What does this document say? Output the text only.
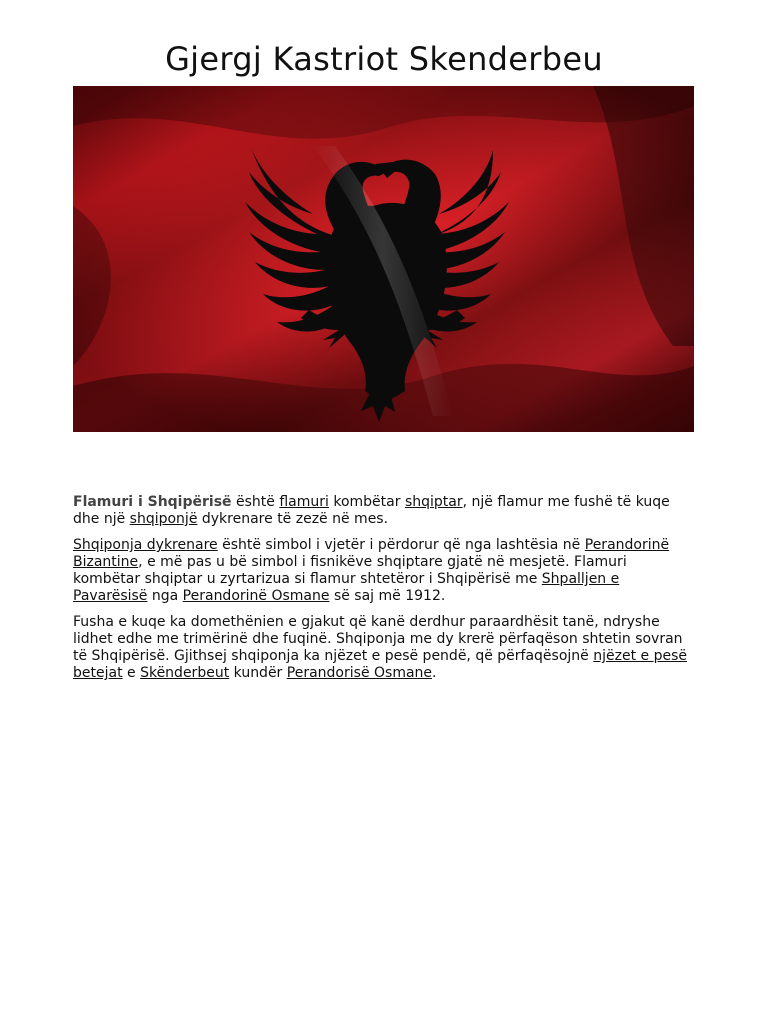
Gjergj Kastriot Skenderbeu

Flamuri i Shqipërisë është flamuri kombëtar shqiptar, një flamur me fushë të kuqe dhe një shqiponjë dykrenare të zezë në mes.

Shqiponja dykrenare është simbol i vjetër i përdorur që nga lashtësia në Perandorinë Bizantine, e më pas u bë simbol i fisnikëve shqiptare gjatë në mesjetë. Flamuri kombëtar shqiptar u zyrtarizua si flamur shtetëror i Shqipërisë me Shpalljen e Pavarësisë nga Perandorinë Osmane së saj më 1912.

Fusha e kuqe ka domethënien e gjakut që kanë derdhur paraardhësit tanë, ndryshe lidhet edhe me trimërinë dhe fuqinë. Shqiponja me dy krerë përfaqëson shtetin sovran të Shqipërisë. Gjithsej shqiponja ka njëzet e pesë pendë, që përfaqësojnë njëzet e pesë betejat e Skënderbeut kundër Perandorisë Osmane.
